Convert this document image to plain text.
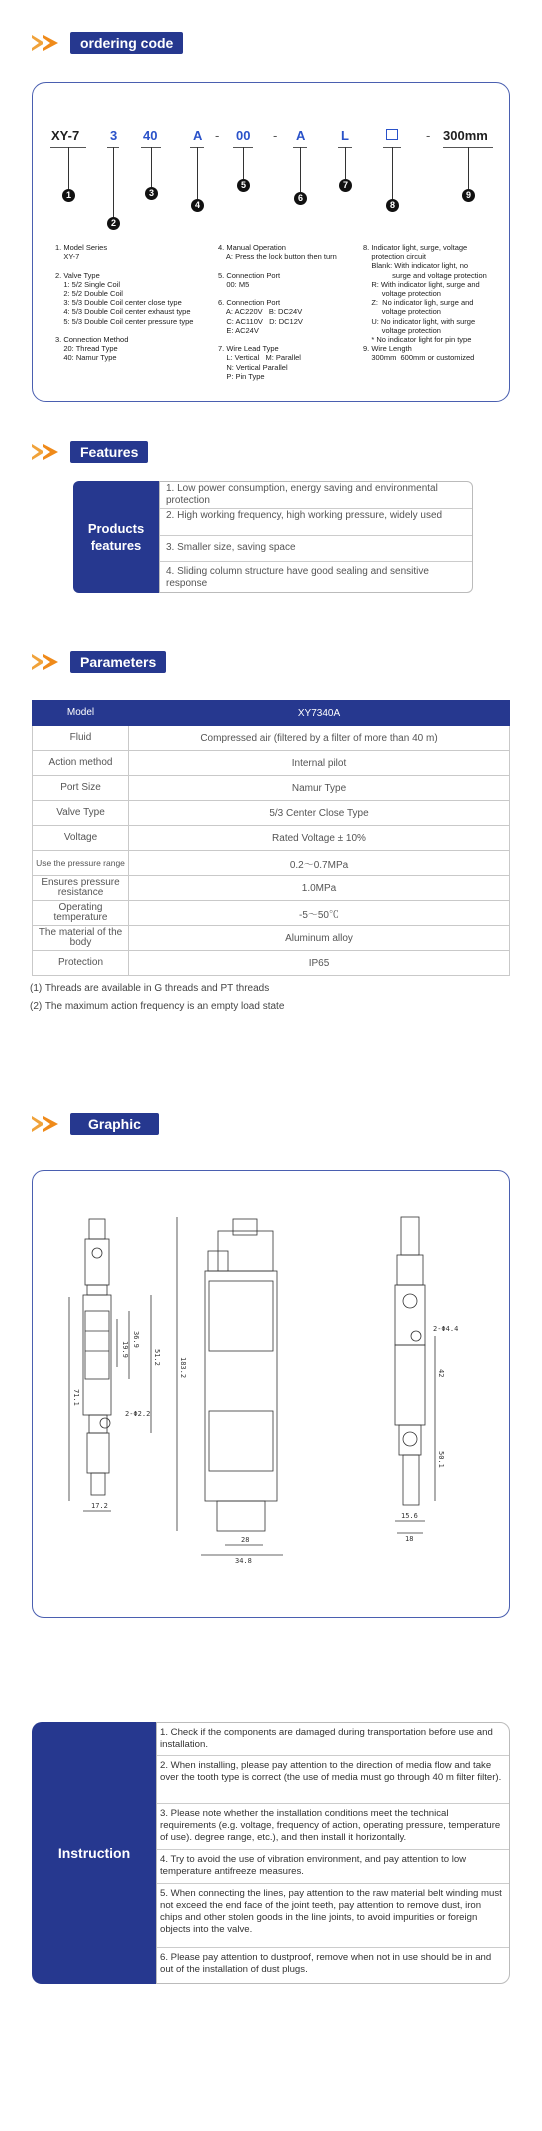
ordering code
XY-7 3 40	A - 00 - A	L	- 300mm
1
2
3
4
5
6
7
8
9

1. Model Series

XY-7

2. Valve Type

1: 5/2 Single Coil

2: 5/2 Double Coil

3: 5/3 Double Coil center close type

4: 5/3 Double Coil center exhaust type

5: 5/3 Double Coil center pressure type

3. Connection Method

20: Thread Type

40: Namur Type

4. Manual Operation

A: Press the lock button then turn

5. Connection Port

00: M5

6. Connection Port

A: AC220V   B: DC24V

C: AC110V   D: DC12V

E: AC24V

7. Wire Lead Type

L: Vertical   M: Parallel

N: Vertical Parallel

P: Pin Type

8. Indicator light, surge, voltage

protection circuit

Blank: With indicator light, no

surge and voltage protection

R: With indicator light, surge and

voltage protection

Z:  No indicator ligh, surge and

voltage protection

U: No indicator light, with surge

voltage protection

* No indicator light for pin type

9. Wire Length

300mm  600mm or customized

Features
Products
features
1. Low power consumption, energy saving and environmental protection
2. High working frequency, high working pressure, widely used
3. Smaller size, saving space
4. Sliding column structure have good sealing and sensitive response
Parameters
Model	XY7340A
Fluid	Compressed air (filtered by a filter of more than 40 m)
Action method	Internal pilot
Port Size	Namur Type
Valve Type	5/3 Center Close Type
Voltage	Rated Voltage ± 10%
Use the pressure range	0.2～0.7MPa
Ensures pressure resistance	1.0MPa
Operating temperature	-5～50℃
The material of the body	Aluminum alloy
Protection	IP65
(1) Threads are available in G threads and PT threads
(2) The maximum action frequency is an empty load state
Graphic
19.9
36.9
51.2
71.1
2-Φ2.2
17.2
183.2
28
34.8
2-Φ4.4
42
50.1
15.6
18
Instruction
1. Check if the components are damaged during transportation before use and installation.
2. When installing, please pay attention to the direction of media flow and take over the tooth type is correct (the use of media must go through 40 m filter filter).
3. Please note whether the installation conditions meet the technical requirements (e.g. voltage, frequency of action, operating pressure, temperature of use). degree range, etc.), and then install it horizontally.
4. Try to avoid the use of vibration environment, and pay attention to low temperature antifreeze measures.
5. When connecting the lines, pay attention to the raw material belt winding must not exceed the end face of the joint teeth, pay attention to remove dust, iron chips and other stolen goods in the line joints, to avoid impurities or foreign objects into the valve.
6. Please pay attention to dustproof, remove when not in use should be in and out of the installation of dust plugs.
